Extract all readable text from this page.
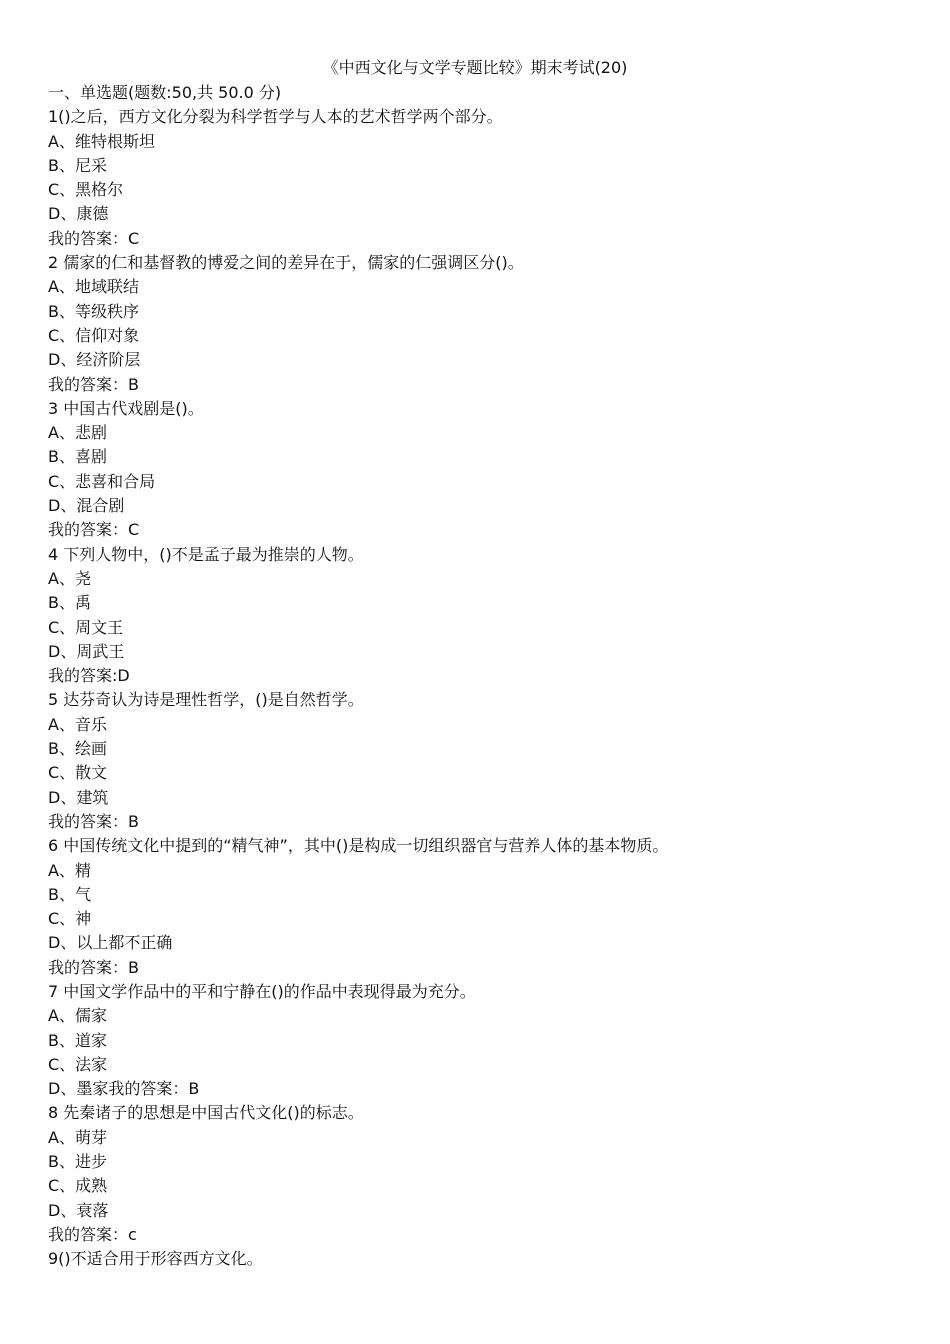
《中西文化与文学专题比较》期末考试(20)
一、单选题(题数:50,共 50.0 分)
1()之后，西方文化分裂为科学哲学与人本的艺术哲学两个部分。
A、维特根斯坦
B、尼采
C、黑格尔
D、康德
我的答案：C
2 儒家的仁和基督教的博爱之间的差异在于，儒家的仁强调区分()。
A、地域联结
B、等级秩序
C、信仰对象
D、经济阶层
我的答案：B
3 中国古代戏剧是()。
A、悲剧
B、喜剧
C、悲喜和合局
D、混合剧
我的答案：C
4 下列人物中，()不是孟子最为推崇的人物。
A、尧
B、禹
C、周文王
D、周武王
我的答案:D
5 达芬奇认为诗是理性哲学，()是自然哲学。
A、音乐
B、绘画
C、散文
D、建筑
我的答案：B
6 中国传统文化中提到的“精气神”，其中()是构成一切组织器官与营养人体的基本物质。
A、精
B、气
C、神
D、以上都不正确
我的答案：B
7 中国文学作品中的平和宁静在()的作品中表现得最为充分。
A、儒家
B、道家
C、法家
D、墨家我的答案：B
8 先秦诸子的思想是中国古代文化()的标志。
A、萌芽
B、进步
C、成熟
D、衰落
我的答案：c
9()不适合用于形容西方文化。
